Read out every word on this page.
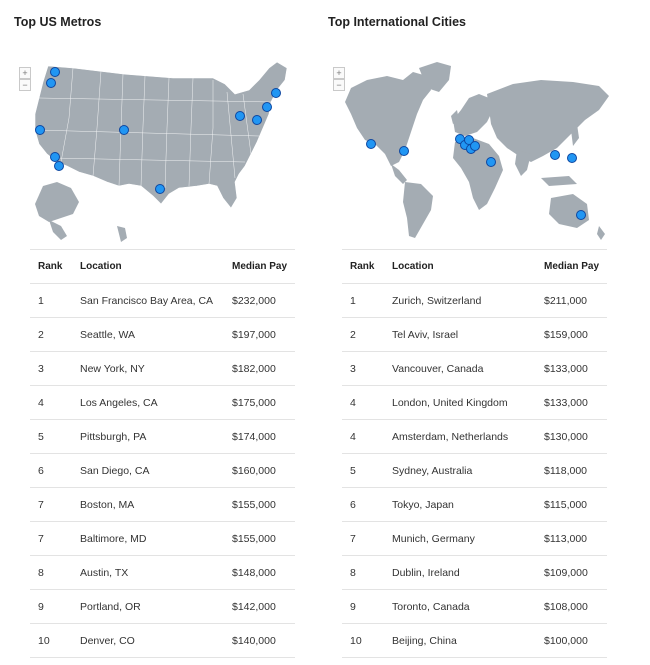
Top US Metros
+
−
Rank	Location	Median Pay
1	San Francisco Bay Area, CA	$232,000
2	Seattle, WA	$197,000
3	New York, NY	$182,000
4	Los Angeles, CA	$175,000
5	Pittsburgh, PA	$174,000
6	San Diego, CA	$160,000
7	Boston, MA	$155,000
7	Baltimore, MD	$155,000
8	Austin, TX	$148,000
9	Portland, OR	$142,000
10	Denver, CO	$140,000
Top International Cities
+
−
Rank	Location	Median Pay
1	Zurich, Switzerland	$211,000
2	Tel Aviv, Israel	$159,000
3	Vancouver, Canada	$133,000
4	London, United Kingdom	$133,000
4	Amsterdam, Netherlands	$130,000
5	Sydney, Australia	$118,000
6	Tokyo, Japan	$115,000
7	Munich, Germany	$113,000
8	Dublin, Ireland	$109,000
9	Toronto, Canada	$108,000
10	Beijing, China	$100,000
